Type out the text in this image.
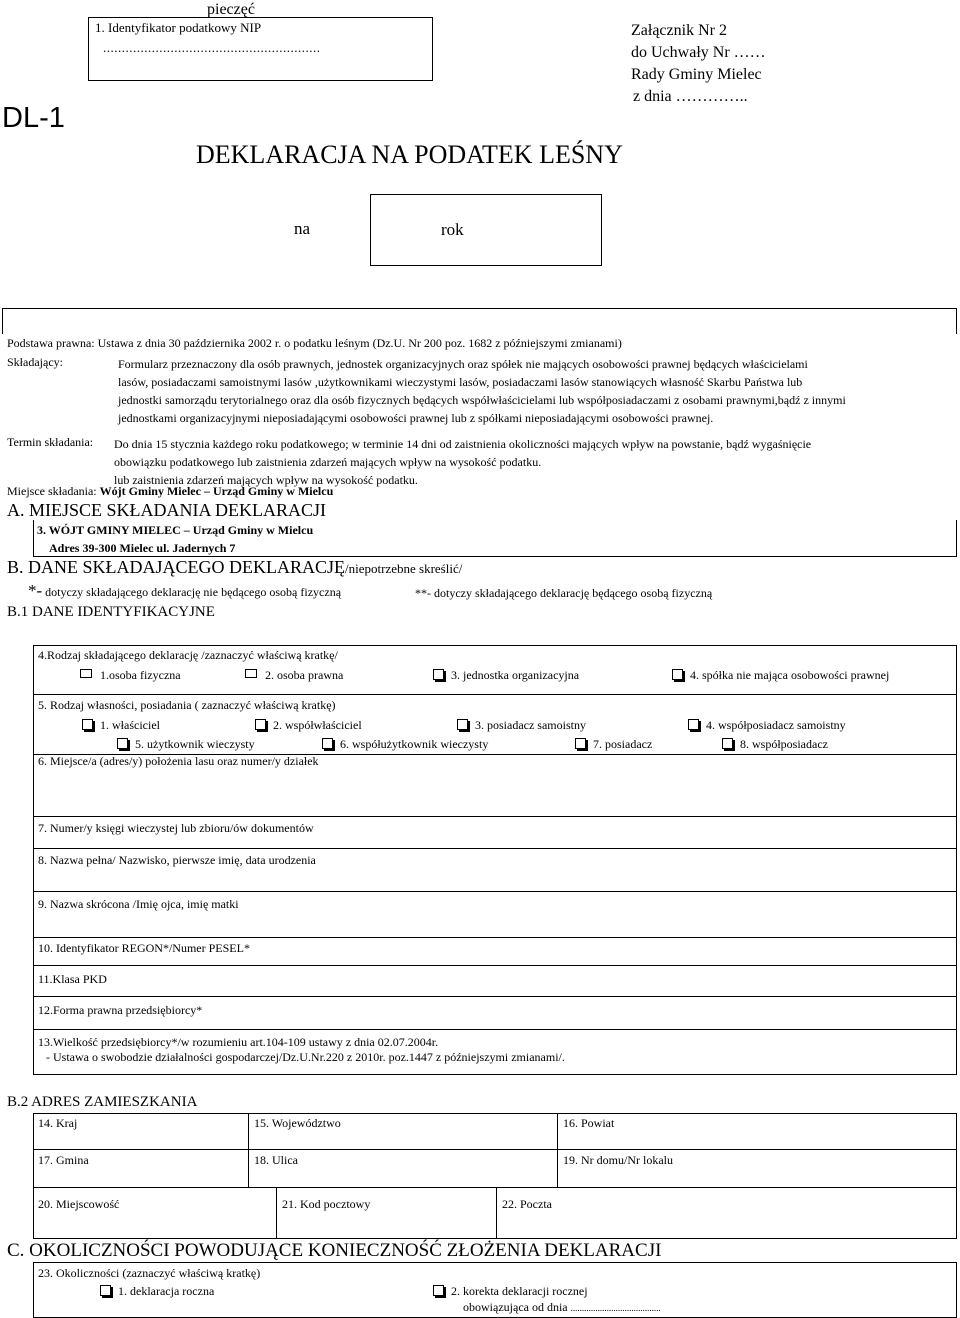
pieczęć
1. Identyfikator podatkowy NIP
..........................................................
Załącznik Nr 2
do Uchwały Nr ……
Rady Gminy Mielec
z dnia …………..
DL-1
DEKLARACJA NA PODATEK LEŚNY
na	rok
Podstawa prawna: Ustawa z dnia 30 października 2002 r. o podatku leśnym (Dz.U. Nr 200 poz. 1682 z późniejszymi zmianami)
Składający:	Formularz przeznaczony dla osób prawnych, jednostek organizacyjnych oraz spółek nie mających osobowości prawnej będących właścicielami
lasów, posiadaczami samoistnymi lasów ,użytkownikami wieczystymi lasów, posiadaczami lasów stanowiących własność Skarbu Państwa lub
jednostki samorządu terytorialnego oraz dla osób fizycznych będących współwłaścicielami lub współposiadaczami z osobami prawnymi,bądź z innymi
jednostkami organizacyjnymi nieposiadającymi osobowości prawnej lub z spółkami nieposiadającymi osobowości prawnej.
Termin składania: Do dnia 15 stycznia każdego roku podatkowego; w terminie 14 dni od zaistnienia okoliczności mających wpływ na powstanie, bądź wygaśnięcie
obowiązku podatkowego lub zaistnienia zdarzeń mających wpływ na wysokość podatku.
lub zaistnienia zdarzeń mających wpływ na wysokość podatku.
Miejsce składania: Wójt Gminy Mielec – Urząd Gminy w Mielcu
A. MIEJSCE SKŁADANIA DEKLARACJI
3. WÓJT GMINY MIELEC – Urząd Gminy w Mielcu
Adres 39-300 Mielec ul. Jadernych 7
B. DANE SKŁADAJĄCEGO DEKLARACJĘ/niepotrzebne skreślić/
*- dotyczy składającego deklarację nie będącego osobą fizyczną	**- dotyczy składającego deklarację będącego osobą fizyczną
B.1 DANE IDENTYFIKACYJNE
4.Rodzaj składającego deklarację /zaznaczyć właściwą kratkę/
1.osoba fizyczna	2. osoba prawna	3. jednostka organizacyjna	4. spółka nie mająca osobowości prawnej
5. Rodzaj własności, posiadania ( zaznaczyć właściwą kratkę)
1. właściciel	2. współwłaściciel	3. posiadacz samoistny	4. współposiadacz samoistny
5. użytkownik wieczysty	6. współużytkownik wieczysty	7. posiadacz	8. współposiadacz
6. Miejsce/a (adres/y) położenia lasu oraz numer/y działek
7. Numer/y księgi wieczystej lub zbioru/ów dokumentów
8. Nazwa pełna/ Nazwisko, pierwsze imię, data urodzenia
9. Nazwa skrócona /Imię ojca, imię matki
10. Identyfikator REGON*/Numer PESEL*
11.Klasa PKD
12.Forma prawna przedsiębiorcy*
13.Wielkość przedsiębiorcy*/w rozumieniu art.104-109 ustawy z dnia 02.07.2004r.
- Ustawa o swobodzie działalności gospodarczej/Dz.U.Nr.220 z 2010r. poz.1447 z późniejszymi zmianami/.
B.2 ADRES ZAMIESZKANIA
14. Kraj	15. Województwo	16. Powiat
17. Gmina	18. Ulica	19. Nr domu/Nr lokalu
20. Miejscowość	21. Kod pocztowy	22. Poczta
C. OKOLICZNOŚCI POWODUJĄCE KONIECZNOŚĆ ZŁOŻENIA DEKLARACJI
23. Okoliczności (zaznaczyć właściwą kratkę)
1. deklaracja roczna	2. korekta deklaracji rocznej
obowiązująca od dnia ........................................
